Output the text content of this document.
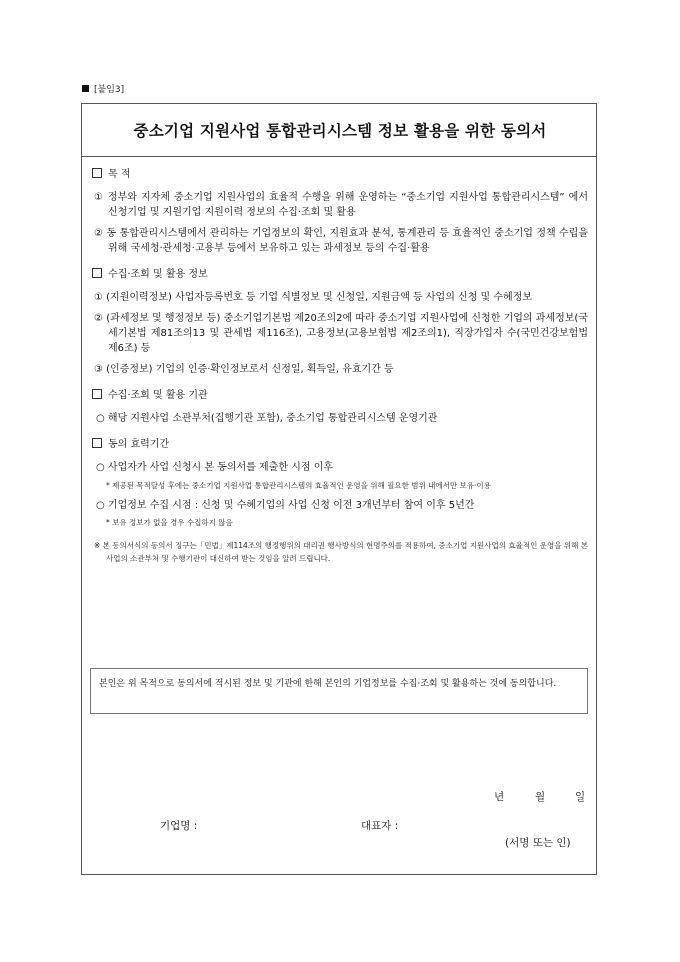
[붙임3]
중소기업 지원사업 통합관리시스템 정보 활용을 위한 동의서

목 적

① 정부와 지자체 중소기업 지원사업의 효율적 수행을 위해 운영하는 “중소기업 지원사업 통합관리시스템” 에서 신청기업 및 지원기업 지원이력 정보의 수집·조회 및 활용

② 동 통합관리시스템에서 관리하는 기업정보의 확인, 지원효과 분석, 통계관리 등 효율적인 중소기업 정책 수립을 위해 국세청·관세청·고용부 등에서 보유하고 있는 과세정보 등의 수집·활용

수집·조회 및 활용 정보

① (지원이력정보) 사업자등록번호 등 기업 식별정보 및 신청일, 지원금액 등 사업의 신청 및 수혜정보

② (과세정보 및 행정정보 등) 중소기업기본법 제20조의2에 따라 중소기업 지원사업에 신청한 기업의 과세정보(국세기본법 제81조의13 및 관세법 제116조), 고용정보(고용보험법 제2조의1), 직장가입자 수(국민건강보험법 제6조) 등

③ (인증정보) 기업의 인증·확인정보로서 신정일, 획득일, 유효기간 등

수집·조회 및 활용 기관

○ 해당 지원사업 소관부처(집행기관 포함), 중소기업 통합관리시스템 운영기관

동의 효력기간

○ 사업자가 사업 신청시 본 동의서를 제출한 시점 이후

* 제공된 목적달성 후에는 중소기업 지원사업 통합관리시스템의 효율적인 운영을 위해 필요한 범위 내에서만 보유·이용

○ 기업정보 수집 시점 : 신청 및 수혜기업의 사업 신청 이전 3개년부터 참여 이후 5년간

* 보유 정보가 없을 경우 수집하지 않음

※ 본 동의서식의 동의서 징구는「민법」제114조의 행정행위의 대리권 행사방식의 현명주의를 적용하여, 중소기업 지원사업의 효율적인 운영을 위해 본 사업의 소관부처 및 수행기관이 대신하여 받는 것임을 알려 드립니다.

본인은 위 목적으로 동의서에 적시된 정보 및 기관에 한해 본인의 기업정보를 수집·조회 및 활용하는 것에 동의합니다.
년	월	일
기업명 :	대표자 :
(서명 또는 인)
